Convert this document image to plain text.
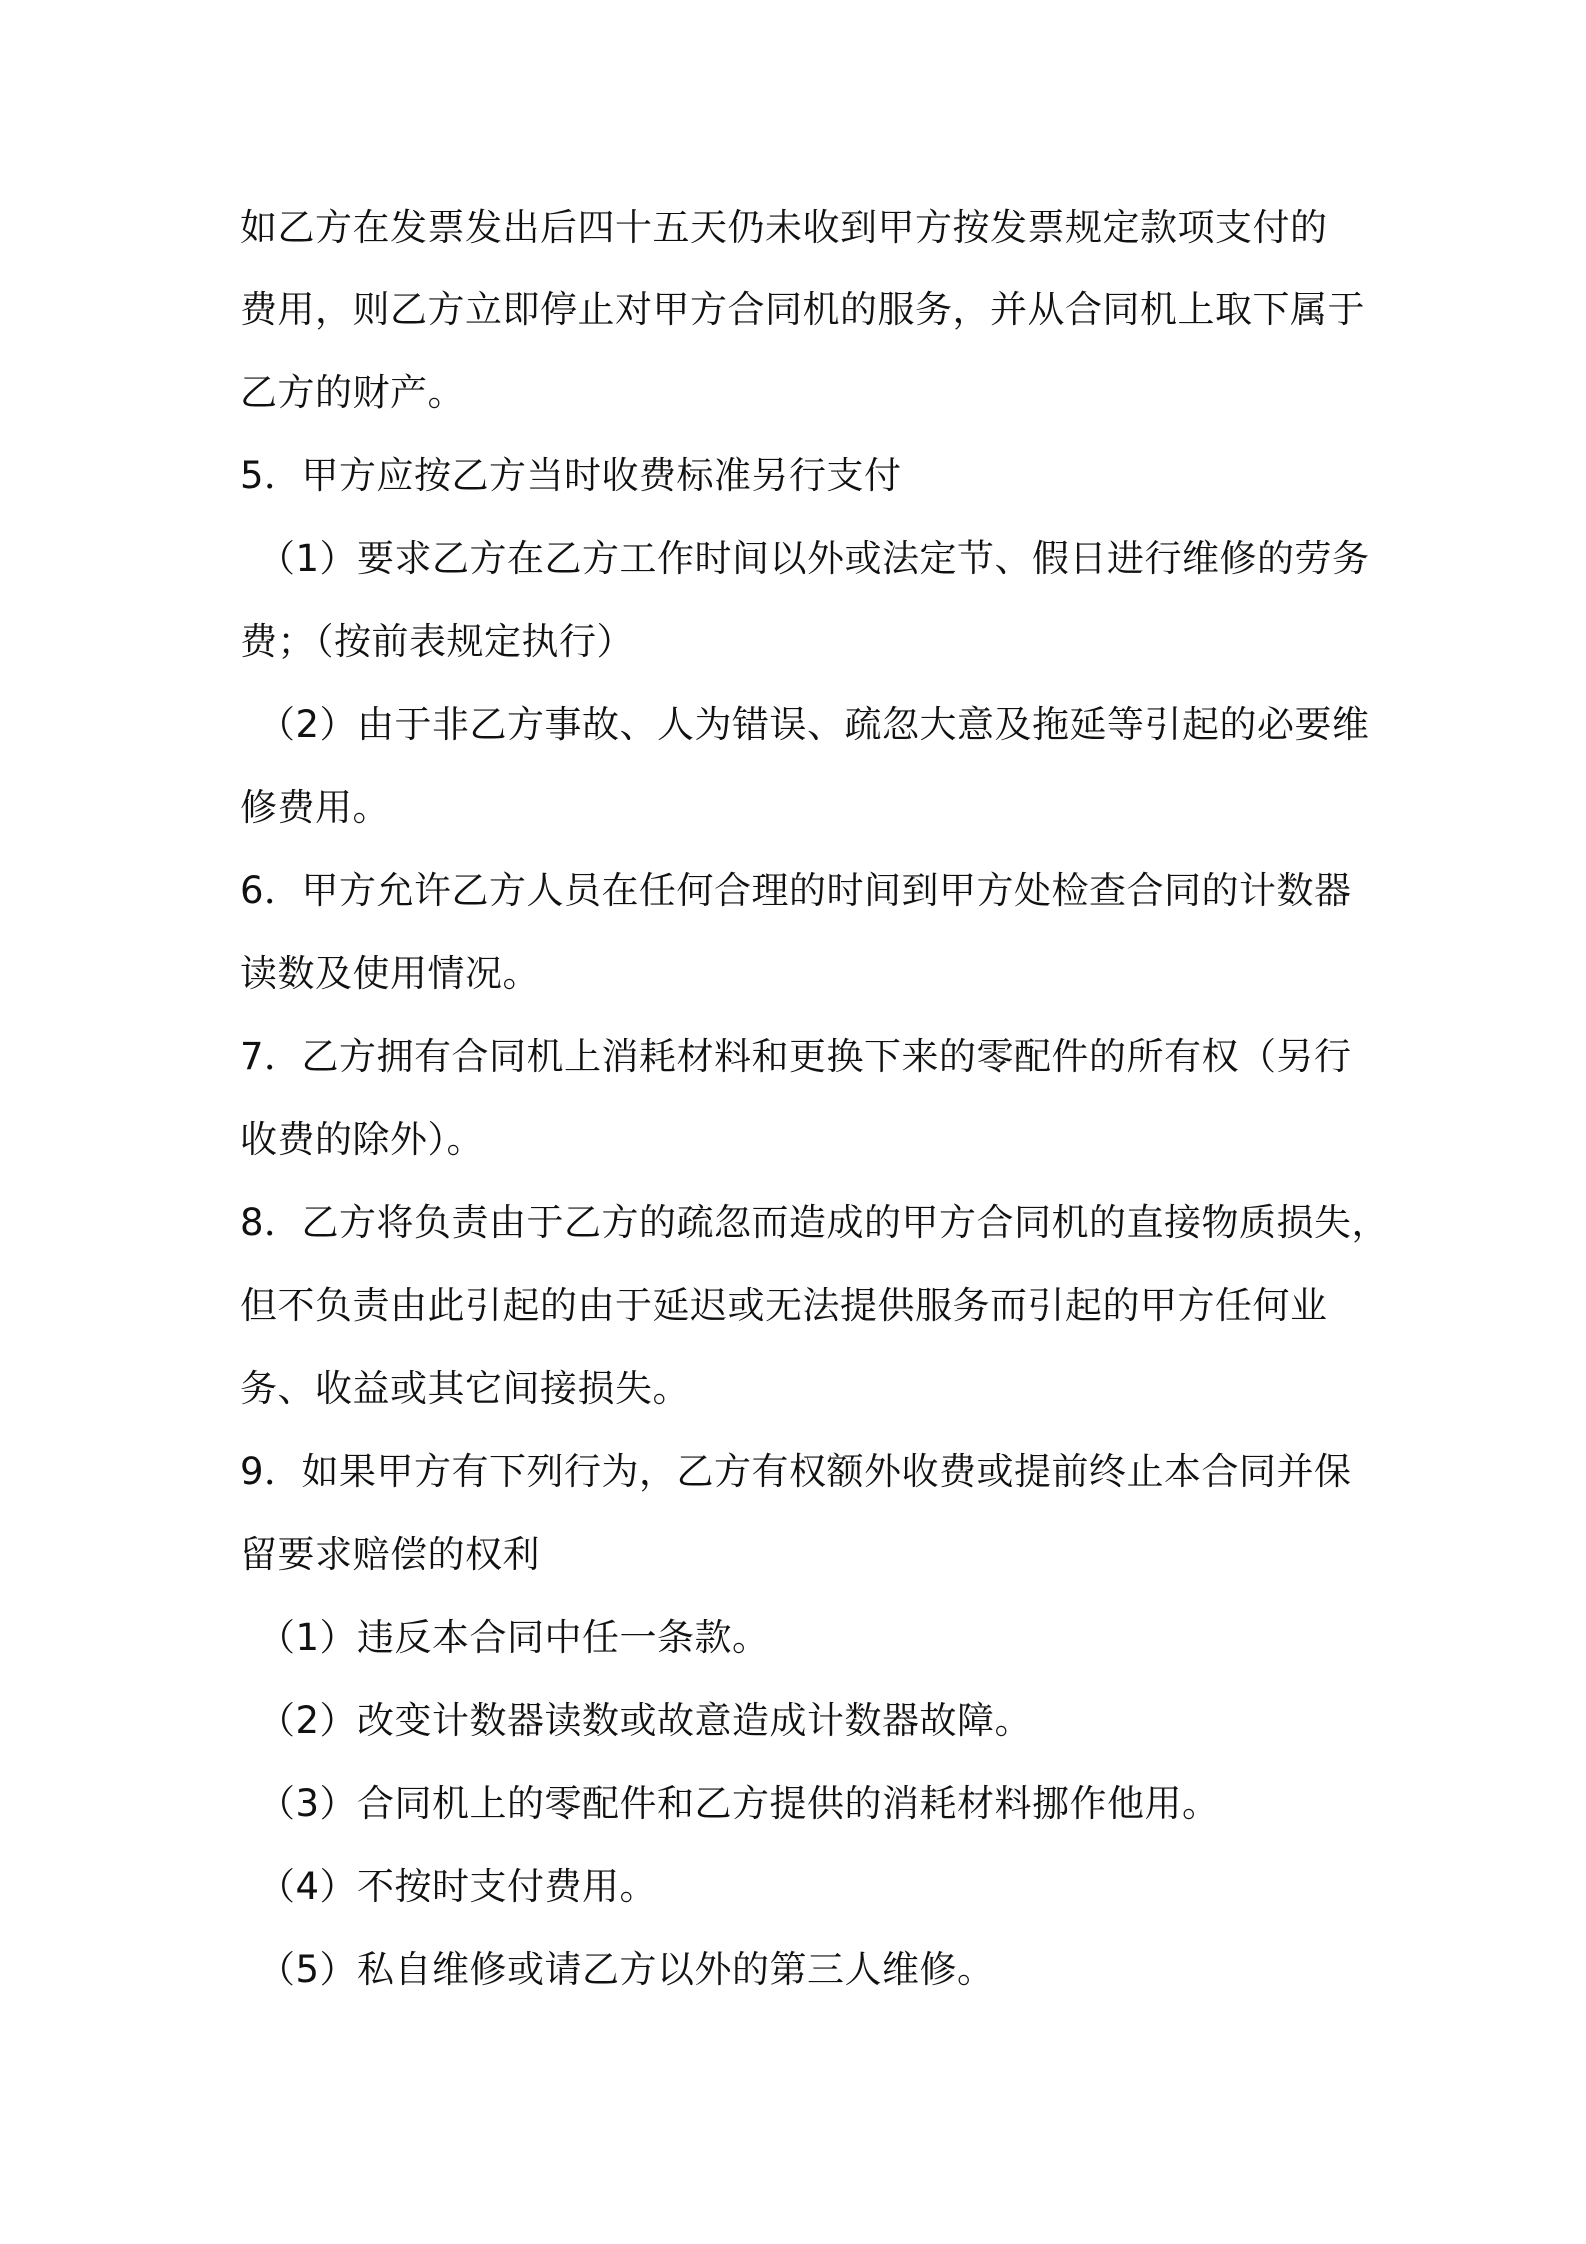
如乙方在发票发出后四十五天仍未收到甲方按发票规定款项支付的
费用，则乙方立即停止对甲方合同机的服务，并从合同机上取下属于
乙方的财产。
5．甲方应按乙方当时收费标准另行支付
（1）要求乙方在乙方工作时间以外或法定节、假日进行维修的劳务
费；（按前表规定执行）
（2）由于非乙方事故、人为错误、疏忽大意及拖延等引起的必要维
修费用。
6．甲方允许乙方人员在任何合理的时间到甲方处检查合同的计数器
读数及使用情况。
7．乙方拥有合同机上消耗材料和更换下来的零配件的所有权（另行
收费的除外）。
8．乙方将负责由于乙方的疏忽而造成的甲方合同机的直接物质损失，
但不负责由此引起的由于延迟或无法提供服务而引起的甲方任何业
务、收益或其它间接损失。
9．如果甲方有下列行为，乙方有权额外收费或提前终止本合同并保
留要求赔偿的权利
（1）违反本合同中任一条款。
（2）改变计数器读数或故意造成计数器故障。
（3）合同机上的零配件和乙方提供的消耗材料挪作他用。
（4）不按时支付费用。
（5）私自维修或请乙方以外的第三人维修。
